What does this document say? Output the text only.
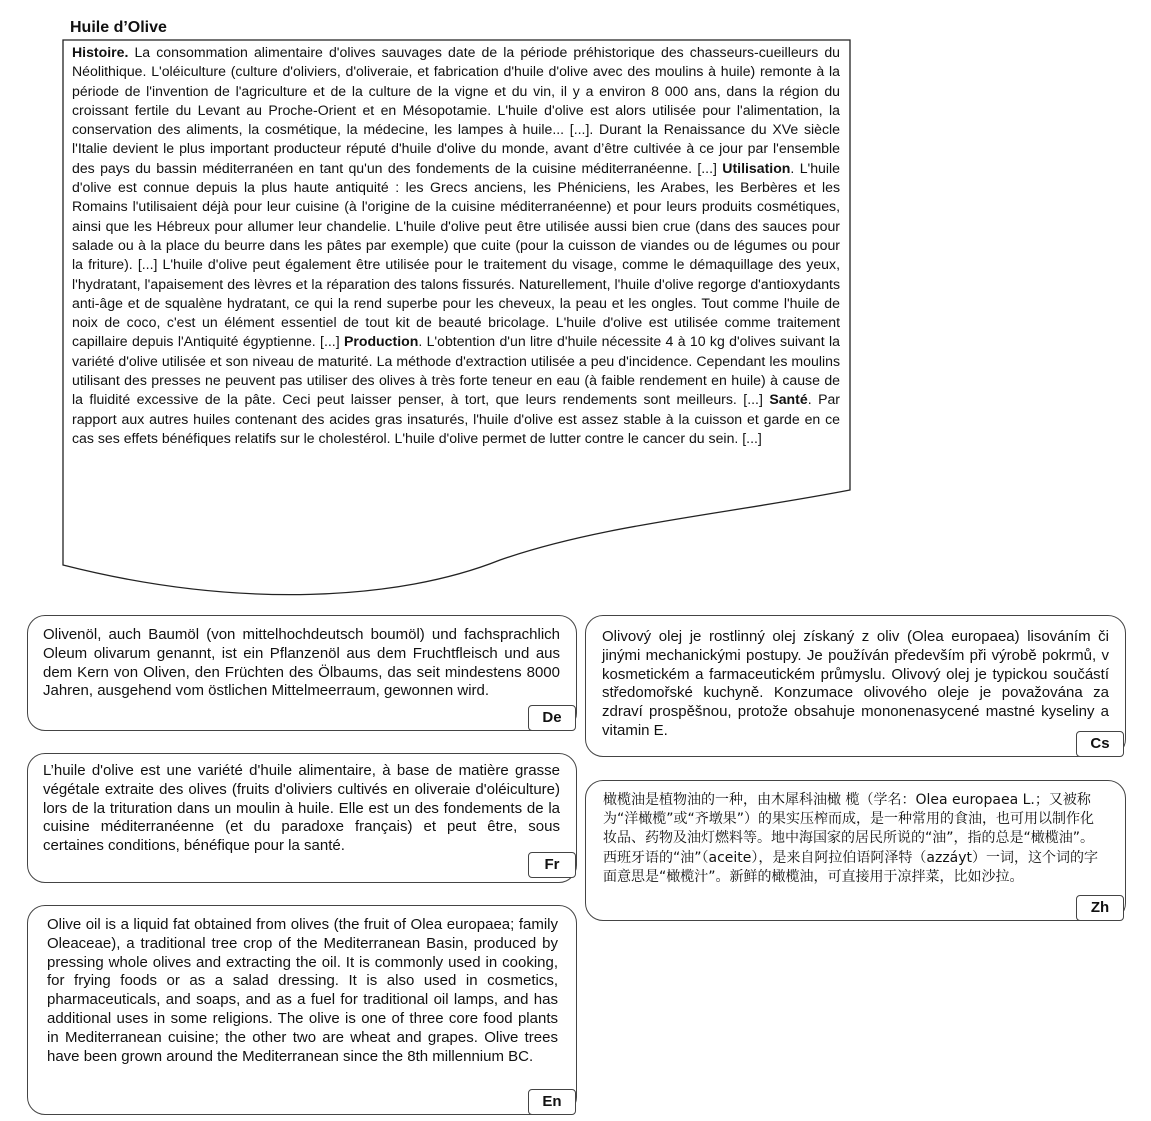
Huile d’Olive

Histoire. La consommation alimentaire d'olives sauvages date de la période préhistorique des chasseurs-cueilleurs du Néolithique. L'oléiculture (culture d'oliviers, d'oliveraie, et fabrication d'huile d'olive avec des moulins à huile) remonte à la période de l'invention de l'agriculture et de la culture de la vigne et du vin, il y a environ 8 000 ans, dans la région du croissant fertile du Levant au Proche-Orient et en Mésopotamie. L'huile d'olive est alors utilisée pour l'alimentation, la conservation des aliments, la cosmétique, la médecine, les lampes à huile... [...]. Durant la Renaissance du XVe siècle l'Italie devient le plus important producteur réputé d'huile d'olive du monde, avant d’être cultivée à ce jour par l'ensemble des pays du bassin méditerranéen en tant qu'un des fondements de la cuisine méditerranéenne. [...] Utilisation. L'huile d'olive est connue depuis la plus haute antiquité : les Grecs anciens, les Phéniciens, les Arabes, les Berbères et les Romains l'utilisaient déjà pour leur cuisine (à l'origine de la cuisine méditerranéenne) et pour leurs produits cosmétiques, ainsi que les Hébreux pour allumer leur chandelie. L'huile d'olive peut être utilisée aussi bien crue (dans des sauces pour salade ou à la place du beurre dans les pâtes par exemple) que cuite (pour la cuisson de viandes ou de légumes ou pour la friture). [...] L'huile d'olive peut également être utilisée pour le traitement du visage, comme le démaquillage des yeux, l'hydratant, l'apaisement des lèvres et la réparation des talons fissurés. Naturellement, l'huile d'olive regorge d'antioxydants anti-âge et de squalène hydratant, ce qui la rend superbe pour les cheveux, la peau et les ongles. Tout comme l'huile de noix de coco, c'est un élément essentiel de tout kit de beauté bricolage. L'huile d'olive est utilisée comme traitement capillaire depuis l'Antiquité égyptienne. [...] Production. L'obtention d'un litre d'huile nécessite 4 à 10 kg d'olives suivant la variété d'olive utilisée et son niveau de maturité. La méthode d'extraction utilisée a peu d'incidence. Cependant les moulins utilisant des presses ne peuvent pas utiliser des olives à très forte teneur en eau (à faible rendement en huile) à cause de la fluidité excessive de la pâte. Ceci peut laisser penser, à tort, que leurs rendements sont meilleurs. [...] Santé. Par rapport aux autres huiles contenant des acides gras insaturés, l'huile d'olive est assez stable à la cuisson et garde en ce cas ses effets bénéfiques relatifs sur le cholestérol. L'huile d'olive permet de lutter contre le cancer du sein. [...]

Olivenöl, auch Baumöl (von mittelhochdeutsch boumöl) und fachsprachlich Oleum olivarum genannt, ist ein Pflanzenöl aus dem Fruchtfleisch und aus dem Kern von Oliven, den Früchten des Ölbaums, das seit mindestens 8000 Jahren, ausgehend vom östlichen Mittelmeerraum, gewonnen wird.

De

L’huile d'olive est une variété d'huile alimentaire, à base de matière grasse végétale extraite des olives (fruits d'oliviers cultivés en oliveraie d'oléiculture) lors de la trituration dans un moulin à huile. Elle est un des fondements de la cuisine méditerranéenne (et du paradoxe français) et peut être, sous certaines conditions, bénéfique pour la santé.

Fr

Olive oil is a liquid fat obtained from olives (the fruit of Olea europaea; family Oleaceae), a traditional tree crop of the Mediterranean Basin, produced by pressing whole olives and extracting the oil. It is commonly used in cooking, for frying foods or as a salad dressing. It is also used in cosmetics, pharmaceuticals, and soaps, and as a fuel for traditional oil lamps, and has additional uses in some religions. The olive is one of three core food plants in Mediterranean cuisine; the other two are wheat and grapes. Olive trees have been grown around the Mediterranean since the 8th millennium BC.

En

Olivový olej je rostlinný olej získaný z oliv (Olea europaea) lisováním či jinými mechanickými postupy. Je používán především při výrobě pokrmů, v kosmetickém a farmaceutickém průmyslu. Olivový olej je typickou součástí středomořské kuchyně. Konzumace olivového oleje je považována za zdraví prospěšnou, protože obsahuje mononenasycené mastné kyseliny a vitamin E.

Cs

橄榄油是植物油的一种，由木犀科油橄 榄（学名：Olea europaea L.；又被称为“洋橄榄”或“齐墩果”）的果实压榨而成，是一种常用的食油，也可用以制作化 妆品、药物及油灯燃料等。地中海国家的居民所说的“油”，指的总是“橄榄油”。西班牙语的“油”（aceite），是来自阿拉伯语阿泽特（azzáyt）一词，这个词的字面意思是“橄榄汁”。新鲜的橄榄油，可直接用于凉拌菜，比如沙拉。

Zh
